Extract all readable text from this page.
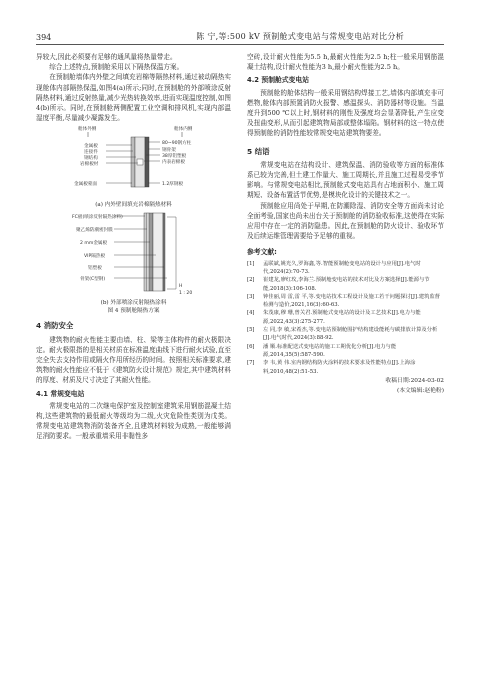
394	陈 宁,等:500 kV 预制舱式变电站与常规变电站对比分析

异较大,因此必须要有足够的通风量将热量带走。

综合上述特点,预制舱采用以下隔热保温方案。

在预制舱墙体内外壁之间填充岩棉等隔热材料,通过被动隔热实现舱体内部隔热保温,如图4(a)所示;同时,在预制舱的外部喷涂反射隔热材料,通过反射热量,减少光热转换效率,进而实现温度控制,如图4(b)所示。同时,在预制舱两侧配置工业空调和排风机,实现内部温湿度平衡,尽量减少凝露发生。

舱体外侧	舱体内侧
金属板
连接件
钢结构
岩棉板材
80~90钢方柱
钢骨架
38厚铝塑板
内表岩棉板
金属板蒙面	1.2厚钢板
(a) 内外壁间填充岩棉隔热材料
FC板(喷涂反射隔热涂料)
聚乙烯防潮密封膜
2 mm金属板
VIP隔热板
铝塑板
骨架(C型钢)
H
1 : 20
(b) 外部喷涂反射隔热涂料
图 4 预制舱隔热方案
4 消防安全

建筑物的耐火性能主要由墙、柱、梁等主体构件的耐火极限决定。耐火极限指的是相关材质在标准温度曲线下进行耐火试验,直至完全失去支持作用或隔火作用所经历的时间。按照相关标准要求,建筑物的耐火性能应不低于《建筑防火设计规范》规定,其中建筑材料的厚度、材质及尺寸决定了其耐火性能。

4.1 常规变电站

常规变电站的二次继电保护室及控制室建筑采用钢筋混凝土结构,这些建筑物的最低耐火等级均为二级,火灾危险性类别为戊类。常规变电站建筑物消防装备齐全,且建筑材料较为成熟,一般能够满足消防要求。一般承重墙采用非黏性多

空砖,设计耐火性能为5.5 h,最耐火性能为2.5 h;柱一般采用钢筋混凝土结构,设计耐火性能为3 h,最小耐火性能为2.5 h。

4.2 预制舱式变电站

预制舱的舱体结构一般采用钢结构焊接工艺,墙体内部填充非可燃物,舱体内部预置消防火报警、感温探头、消防器材等设施。当温度升到500 ℃以上时,钢材料的刚性及强度均会显著降低,产生应变及扭曲变形,从而引起建筑物局部或整体塌陷。钢材料的这一特点使得预制舱的消防性能较常规变电站建筑物要差。

5 结语

常规变电站在结构设计、建筑保温、消防验收等方面的标准体系已较为完善,但土建工作量大、施工周期长,并且施工过程易受季节影响。与常规变电站相比,预制舱式变电站具有占地面积小、施工周期短、设备布置活节优势,是模块化设计的关键技术之一。

预制舱应用尚处于早期,在防潮除湿、消防安全等方面尚未讨论全面考验,国家也尚未出台关于预制舱的消防验收标准,这使得在实际应用中存在一定的消防隐患。因此,在预制舱的防火设计、验收环节及后续运维管理需要给予足够的重视。

参考文献:
[1]	孟联斌,姚光久,罗海鑫,等.智能预制舱变电站的设计与应用[J].电气时代,2024(2):70-73.
[2]	崔建龙,廖红玫,李海兰.预制舱变电站的技术对比及方案选择[J].能源与节能,2018(3):106-108.
[3]	钟佳丽,周 雷,雷 平,等.变电站技术工程设计及施工若干问题探讨[J].建筑监督检测与造价,2021,16(3):60-63.
[4]	朱茂康,穆 珊,曾关君.预制舱式变电站的设计及工艺技术[J].电力与能源,2022,43(3):275-277.
[5]	左 同,李 敏,宋希杰,等.变电站预制舱围护结构建设能耗与碳排放计算及分析[J].电气时代,2024(3):88-92.
[6]	潘 顺.标准配送式变电站的施工工期优化分析[J].电力与能源,2014,35(5):587-590.
[7]	李 韦,黄 伟.室内钢结构防火涂料的技术要求及性能特点[J].上海涂料,2010,48(2):51-53.
收稿日期:2024-03-02
(本文编辑:赵艳粉)
